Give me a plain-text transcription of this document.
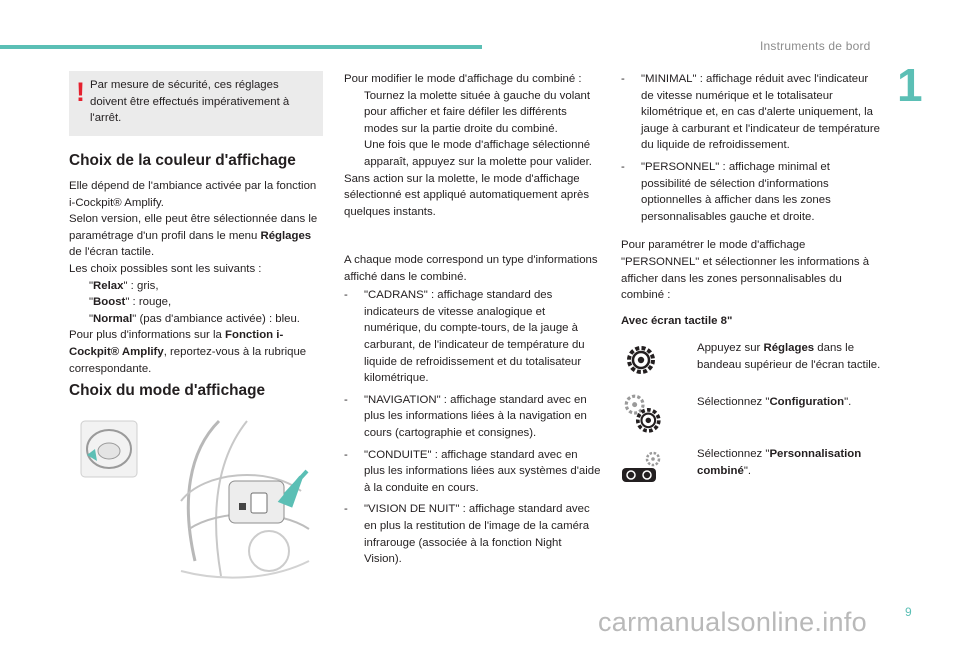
Instruments de bord
1
9
carmanualsonline.info
! Par mesure de sécurité, ces réglages doivent être effectués impérativement à l'arrêt.
Choix de la couleur d'affichage

Elle dépend de l'ambiance activée par la fonction i-Cockpit® Amplify.

Selon version, elle peut être sélectionnée dans le paramétrage d'un profil dans le menu Réglages de l'écran tactile.

Les choix possibles sont les suivants :

"Relax" : gris,
"Boost" : rouge,
"Normal" (pas d'ambiance activée) : bleu.

Pour plus d'informations sur la Fonction i-Cockpit® Amplify, reportez-vous à la rubrique correspondante.

Choix du mode d'affichage

Pour modifier le mode d'affichage du combiné :

Tournez la molette située à gauche du volant pour afficher et faire défiler les différents modes sur la partie droite du combiné.
Une fois que le mode d'affichage sélectionné apparaît, appuyez sur la molette pour valider.

Sans action sur la molette, le mode d'affichage sélectionné est appliqué automatiquement après quelques instants.

A chaque mode correspond un type d'informations affiché dans le combiné.

- "CADRANS" : affichage standard des indicateurs de vitesse analogique et numérique, du compte-tours, de la jauge à carburant, de l'indicateur de température du liquide de refroidissement et du totalisateur kilométrique.
- "NAVIGATION" : affichage standard avec en plus les informations liées à la navigation en cours (cartographie et consignes).
- "CONDUITE" : affichage standard avec en plus les informations liées aux systèmes d'aide à la conduite en cours.
- "VISION DE NUIT" : affichage standard avec en plus la restitution de l'image de la caméra infrarouge (associée à la fonction Night Vision).
- "MINIMAL" : affichage réduit avec l'indicateur de vitesse numérique et le totalisateur kilométrique et, en cas d'alerte uniquement, la jauge à carburant et l'indicateur de température du liquide de refroidissement.
- "PERSONNEL" : affichage minimal et possibilité de sélection d'informations optionnelles à afficher dans les zones personnalisables gauche et droite.

Pour paramétrer le mode d'affichage "PERSONNEL" et sélectionner les informations à afficher dans les zones personnalisables du combiné :

Avec écran tactile 8"

Appuyez sur Réglages dans le bandeau supérieur de l'écran tactile.
Sélectionnez "Configuration".
Sélectionnez "Personnalisation combiné".
